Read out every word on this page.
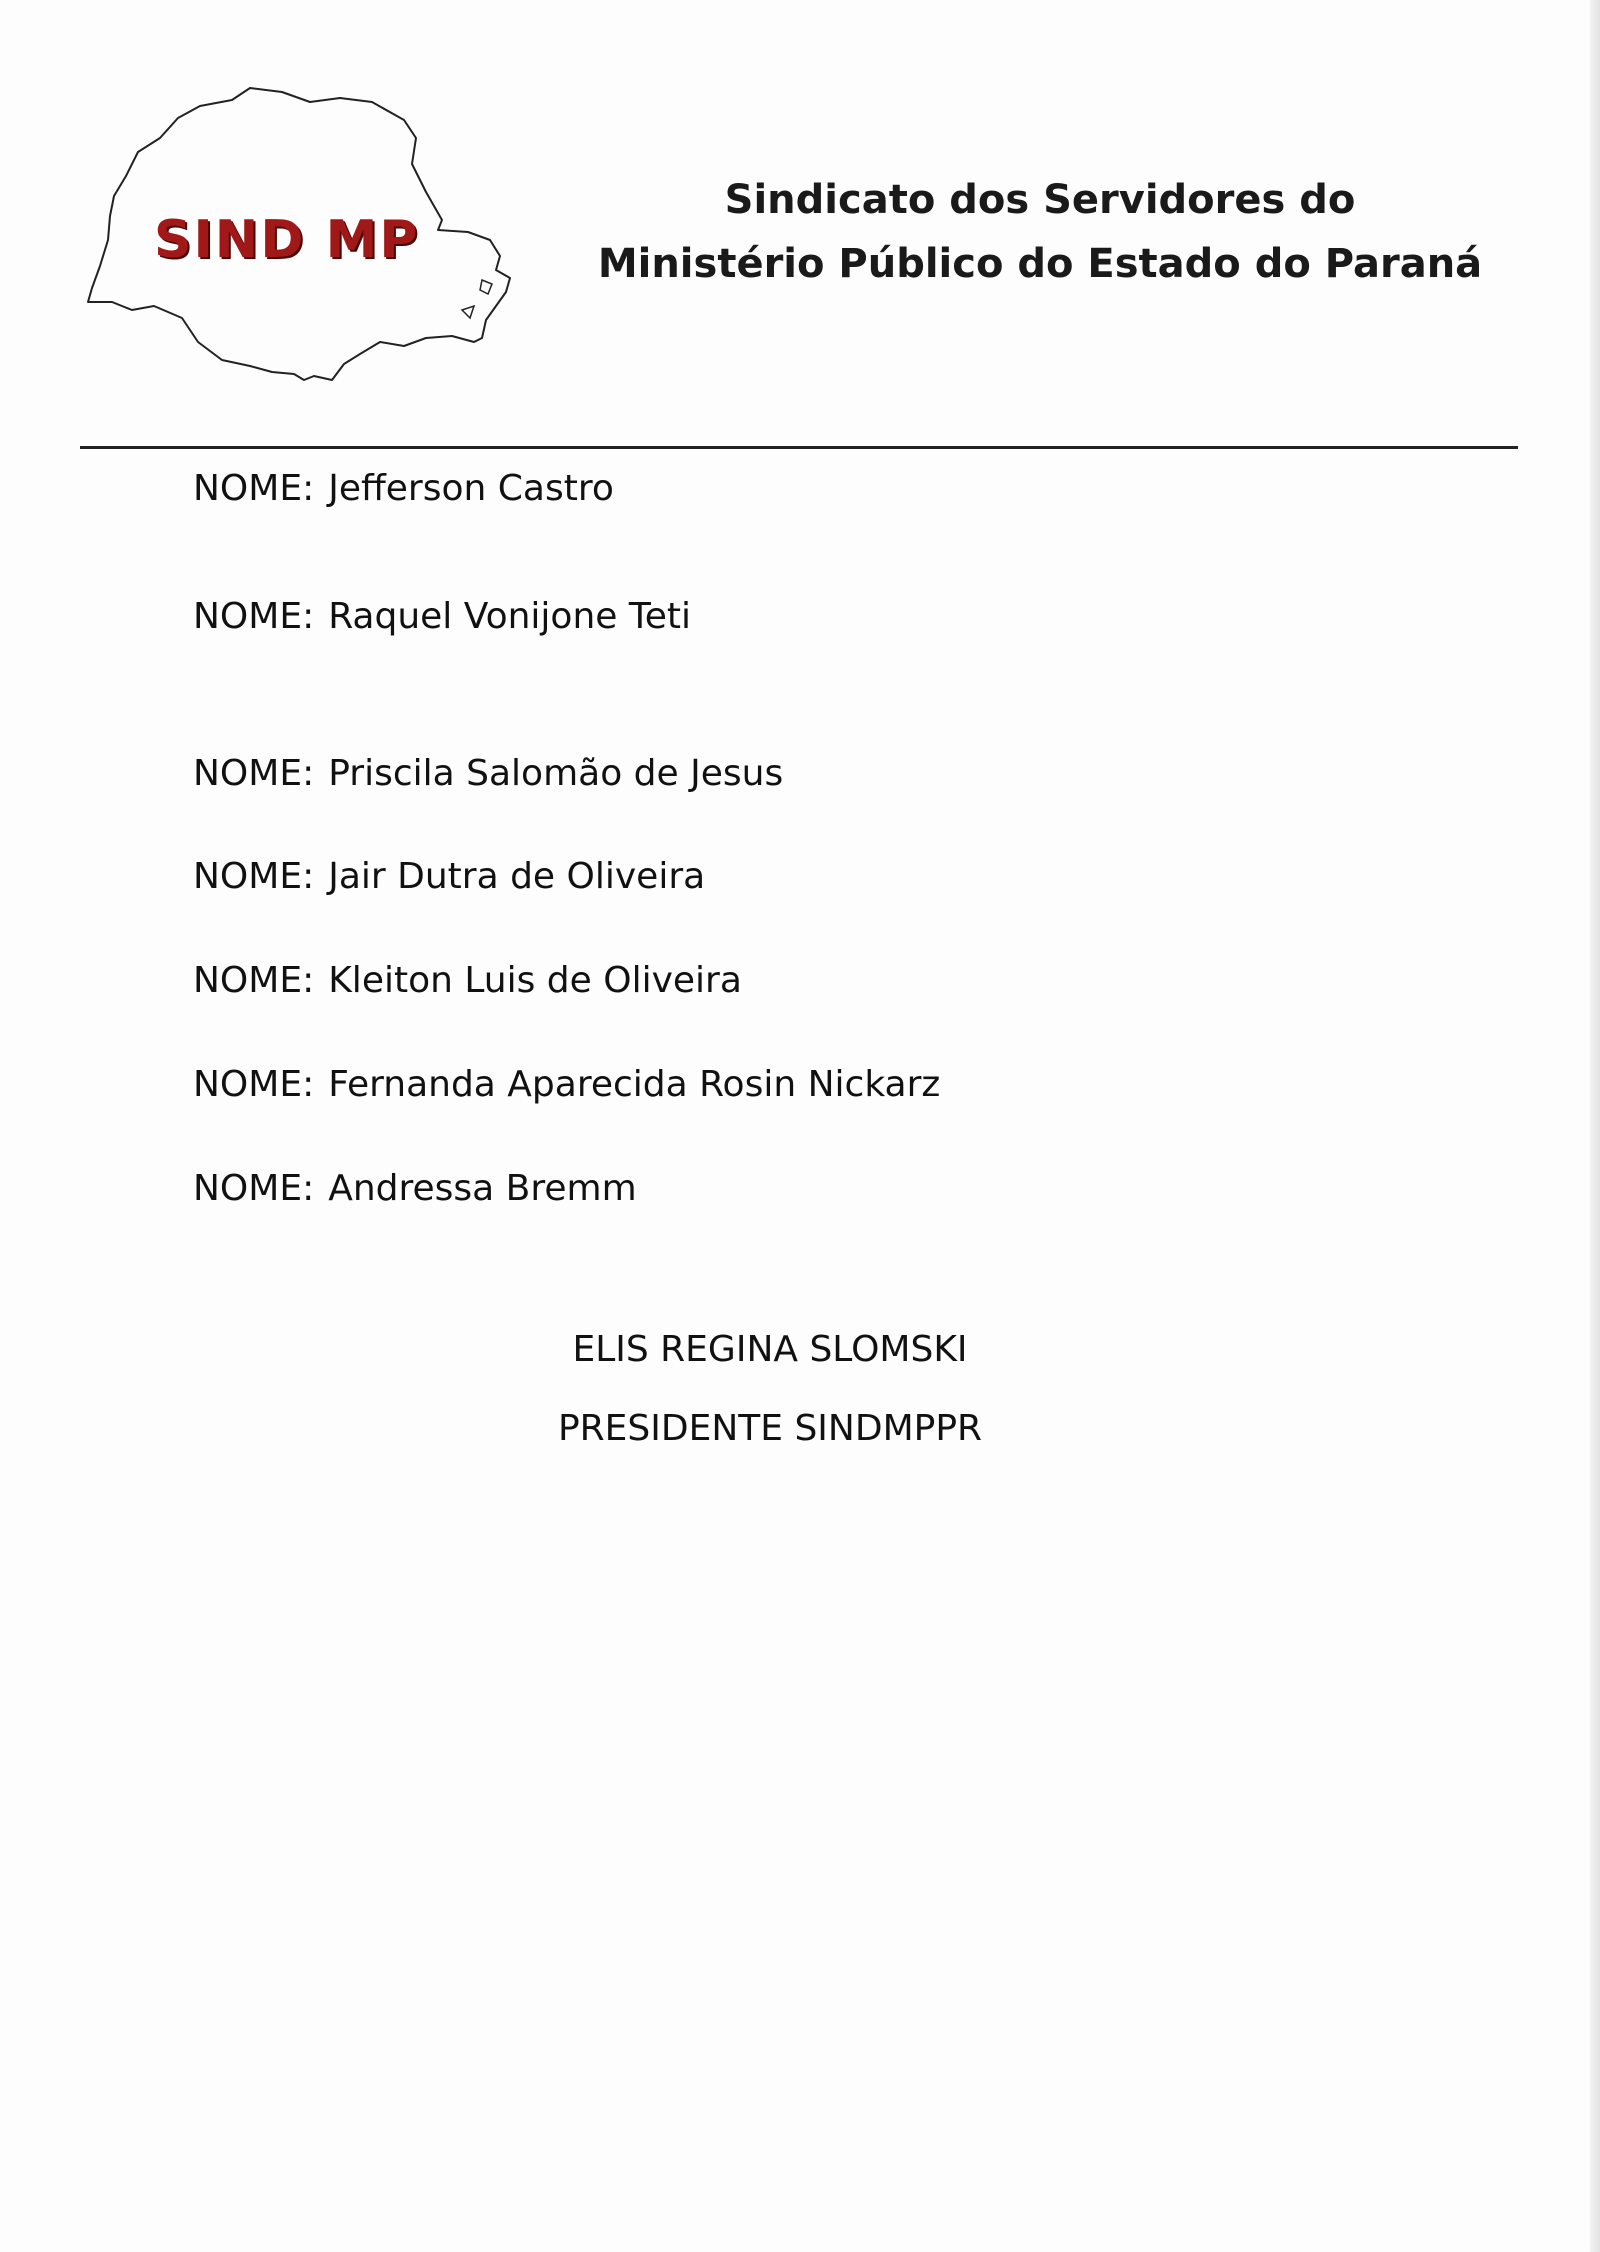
SIND MP
Sindicato dos Servidores do
Ministério Público do Estado do Paraná
NOME: Jefferson Castro
NOME: Raquel Vonijone Teti
NOME: Priscila Salomão de Jesus
NOME: Jair Dutra de Oliveira
NOME: Kleiton Luis de Oliveira
NOME: Fernanda Aparecida Rosin Nickarz
NOME: Andressa Bremm
ELIS REGINA SLOMSKI
PRESIDENTE SINDMPPR
